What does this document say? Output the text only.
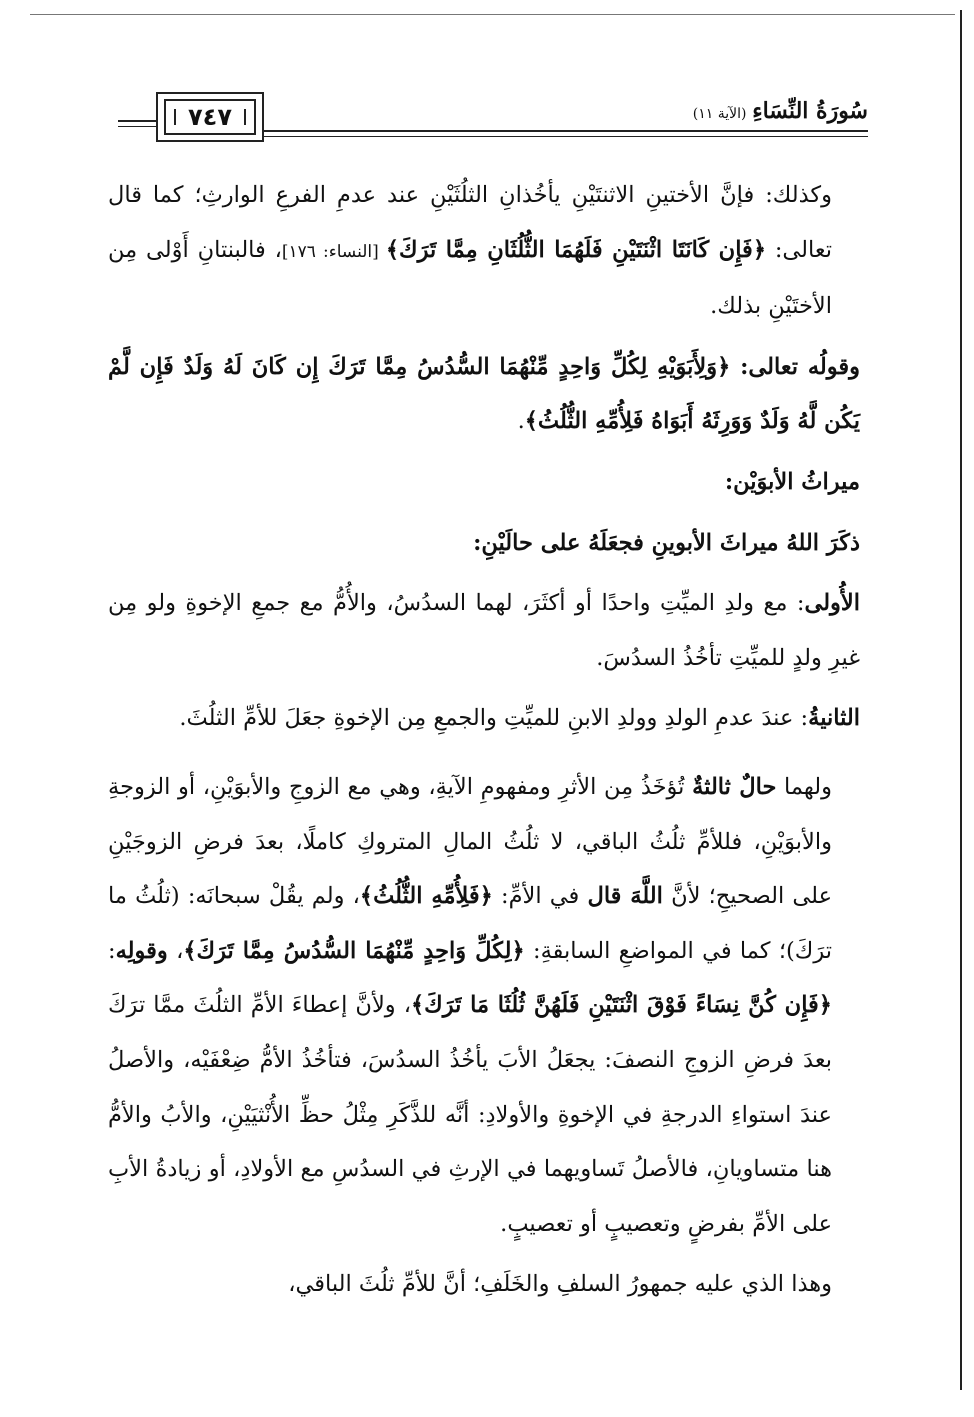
٧٤٧	سُورَةُ النِّسَاءِ (الآية ١١)

وكذلك: فإنَّ الأختينِ الاثنتَيْنِ يأخُذانِ الثلُثَيْنِ عند عدمِ الفرعِ الوارثِ؛ كما قال تعالى: ﴿فَإِن كَانَتَا اثْنَتَيْنِ فَلَهُمَا الثُّلُثَانِ مِمَّا تَرَكَ﴾ [النساء: ١٧٦]، فالبنتانِ أَوْلى مِن الأختَيْنِ بذلك.

وقولُه تعالى: ﴿وَلِأَبَوَيْهِ لِكُلِّ وَاحِدٍ مِّنْهُمَا السُّدُسُ مِمَّا تَرَكَ إِن كَانَ لَهُ وَلَدٌ فَإِن لَّمْ يَكُن لَّهُ وَلَدٌ وَوَرِثَهُ أَبَوَاهُ فَلِأُمِّهِ الثُّلُثُ﴾.

ميراثُ الأبوَيْن:

ذكَرَ اللهُ ميراثَ الأبوينِ فجعَلَهُ على حالَيْنِ:

الأُولى: مع ولدِ الميِّتِ واحدًا أو أكثَرَ، لهما السدُسُ، والأُمُّ مع جمعِ الإخوةِ ولو مِن غيرِ ولدٍ للميِّتِ تأخُذُ السدُسَ.

الثانيةُ: عندَ عدمِ الولدِ وولدِ الابنِ للميِّتِ والجمعِ مِن الإخوةِ جعَلَ للأمِّ الثلُثَ.

ولهما حالٌ ثالثةٌ تُؤخَذُ مِن الأثرِ ومفهومِ الآيةِ، وهي مع الزوجِ والأبوَيْنِ، أو الزوجةِ والأبوَيْنِ، فللأمِّ ثلُثُ الباقي، لا ثلُثُ المالِ المتروكِ كاملًا، بعدَ فرضِ الزوجَيْنِ على الصحيحِ؛ لأنَّ اللَّهَ قال في الأمِّ: ﴿فَلِأُمِّهِ الثُّلُثُ﴾، ولم يقُلْ سبحانَه: (ثلُثُ ما ترَكَ)؛ كما في المواضعِ السابقةِ: ﴿لِكُلِّ وَاحِدٍ مِّنْهُمَا السُّدُسُ مِمَّا تَرَكَ﴾، وقولِه: ﴿فَإِن كُنَّ نِسَاءً فَوْقَ اثْنَتَيْنِ فَلَهُنَّ ثُلُثَا مَا تَرَكَ﴾، ولأنَّ إعطاءَ الأمِّ الثلُثَ ممَّا ترَكَ بعدَ فرضِ الزوجِ النصفَ: يجعَلُ الأبَ يأخُذُ السدُسَ، فتأخُذُ الأمُّ ضِعْفَيْه، والأصلُ عندَ استواءِ الدرجةِ في الإخوةِ والأولادِ: أنَّه للذَّكَرِ مِثْلُ حظِّ الأُنْثيَيْنِ، والأبُ والأمُّ هنا متساويانِ، فالأصلُ تَساويهما في الإرثِ في السدُسِ مع الأولادِ، أو زيادةُ الأبِ على الأمِّ بفرضٍ وتعصيبٍ أو تعصيبٍ.

وهذا الذي عليه جمهورُ السلفِ والخَلَفِ؛ أنَّ للأمِّ ثلُثَ الباقي،
